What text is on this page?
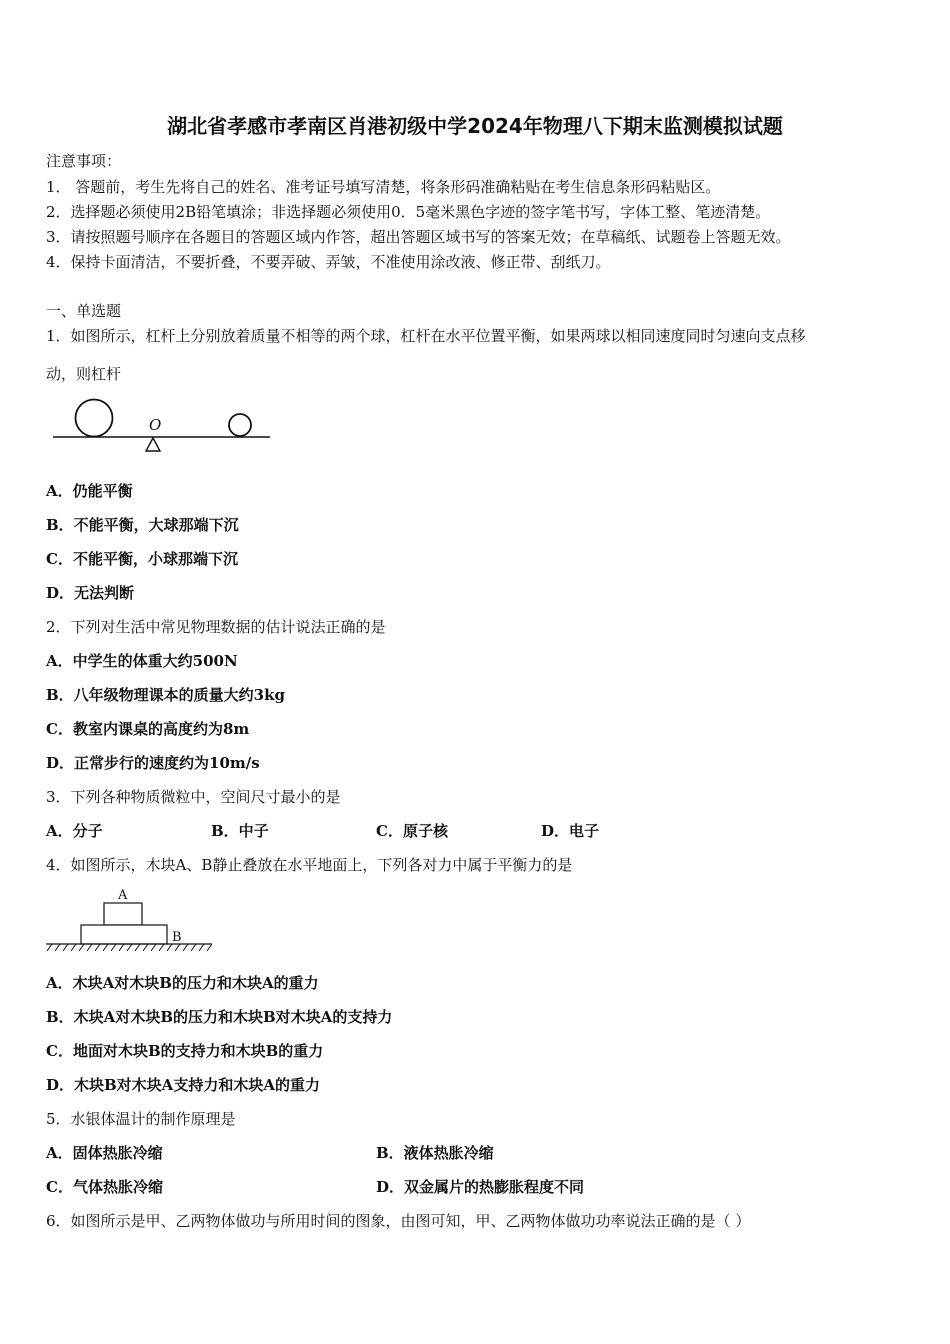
湖北省孝感市孝南区肖港初级中学2024年物理八下期末监测模拟试题
注意事项：
1． 答题前，考生先将自己的姓名、准考证号填写清楚，将条形码准确粘贴在考生信息条形码粘贴区。
2．选择题必须使用2B铅笔填涂；非选择题必须使用0．5毫米黑色字迹的签字笔书写，字体工整、笔迹清楚。
3．请按照题号顺序在各题目的答题区域内作答，超出答题区域书写的答案无效；在草稿纸、试题卷上答题无效。
4．保持卡面清洁，不要折叠，不要弄破、弄皱，不准使用涂改液、修正带、刮纸刀。
一、单选题
1．如图所示，杠杆上分别放着质量不相等的两个球，杠杆在水平位置平衡，如果两球以相同速度同时匀速向支点移
动，则杠杆
O
A．仍能平衡
B．不能平衡，大球那端下沉
C．不能平衡，小球那端下沉
D．无法判断
2．下列对生活中常见物理数据的估计说法正确的是
A．中学生的体重大约500N
B．八年级物理课本的质量大约3kg
C．教室内课桌的高度约为8m
D．正常步行的速度约为10m/s
3．下列各种物质微粒中，空间尺寸最小的是
A．分子	B．中子	C．原子核	D．电子
4．如图所示，木块A、B静止叠放在水平地面上，下列各对力中属于平衡力的是
A
B
A．木块A对木块B的压力和木块A的重力
B．木块A对木块B的压力和木块B对木块A的支持力
C．地面对木块B的支持力和木块B的重力
D．木块B对木块A支持力和木块A的重力
5．水银体温计的制作原理是
A．固体热胀冷缩	B．液体热胀冷缩
C．气体热胀冷缩	D．双金属片的热膨胀程度不同
6．如图所示是甲、乙两物体做功与所用时间的图象，由图可知，甲、乙两物体做功功率说法正确的是（ ）
